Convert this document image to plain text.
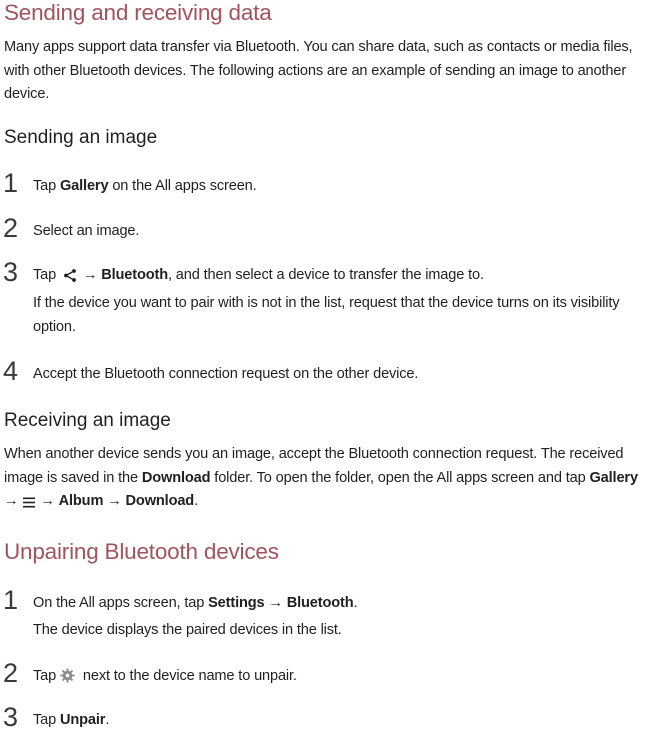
Sending and receiving data
Many apps support data transfer via Bluetooth. You can share data, such as contacts or media files, with other Bluetooth devices. The following actions are an example of sending an image to another device.
Sending an image
1 Tap Gallery on the All apps screen.
2 Select an image.
3 Tap  → Bluetooth, and then select a device to transfer the image to.
If the device you want to pair with is not in the list, request that the device turns on its visibility option.
4 Accept the Bluetooth connection request on the other device.
Receiving an image
When another device sends you an image, accept the Bluetooth connection request. The received image is saved in the Download folder. To open the folder, open the All apps screen and tap Gallery →  → Album → Download.
Unpairing Bluetooth devices
1 On the All apps screen, tap Settings → Bluetooth.
The device displays the paired devices in the list.
2 Tap  next to the device name to unpair.
3 Tap Unpair.
